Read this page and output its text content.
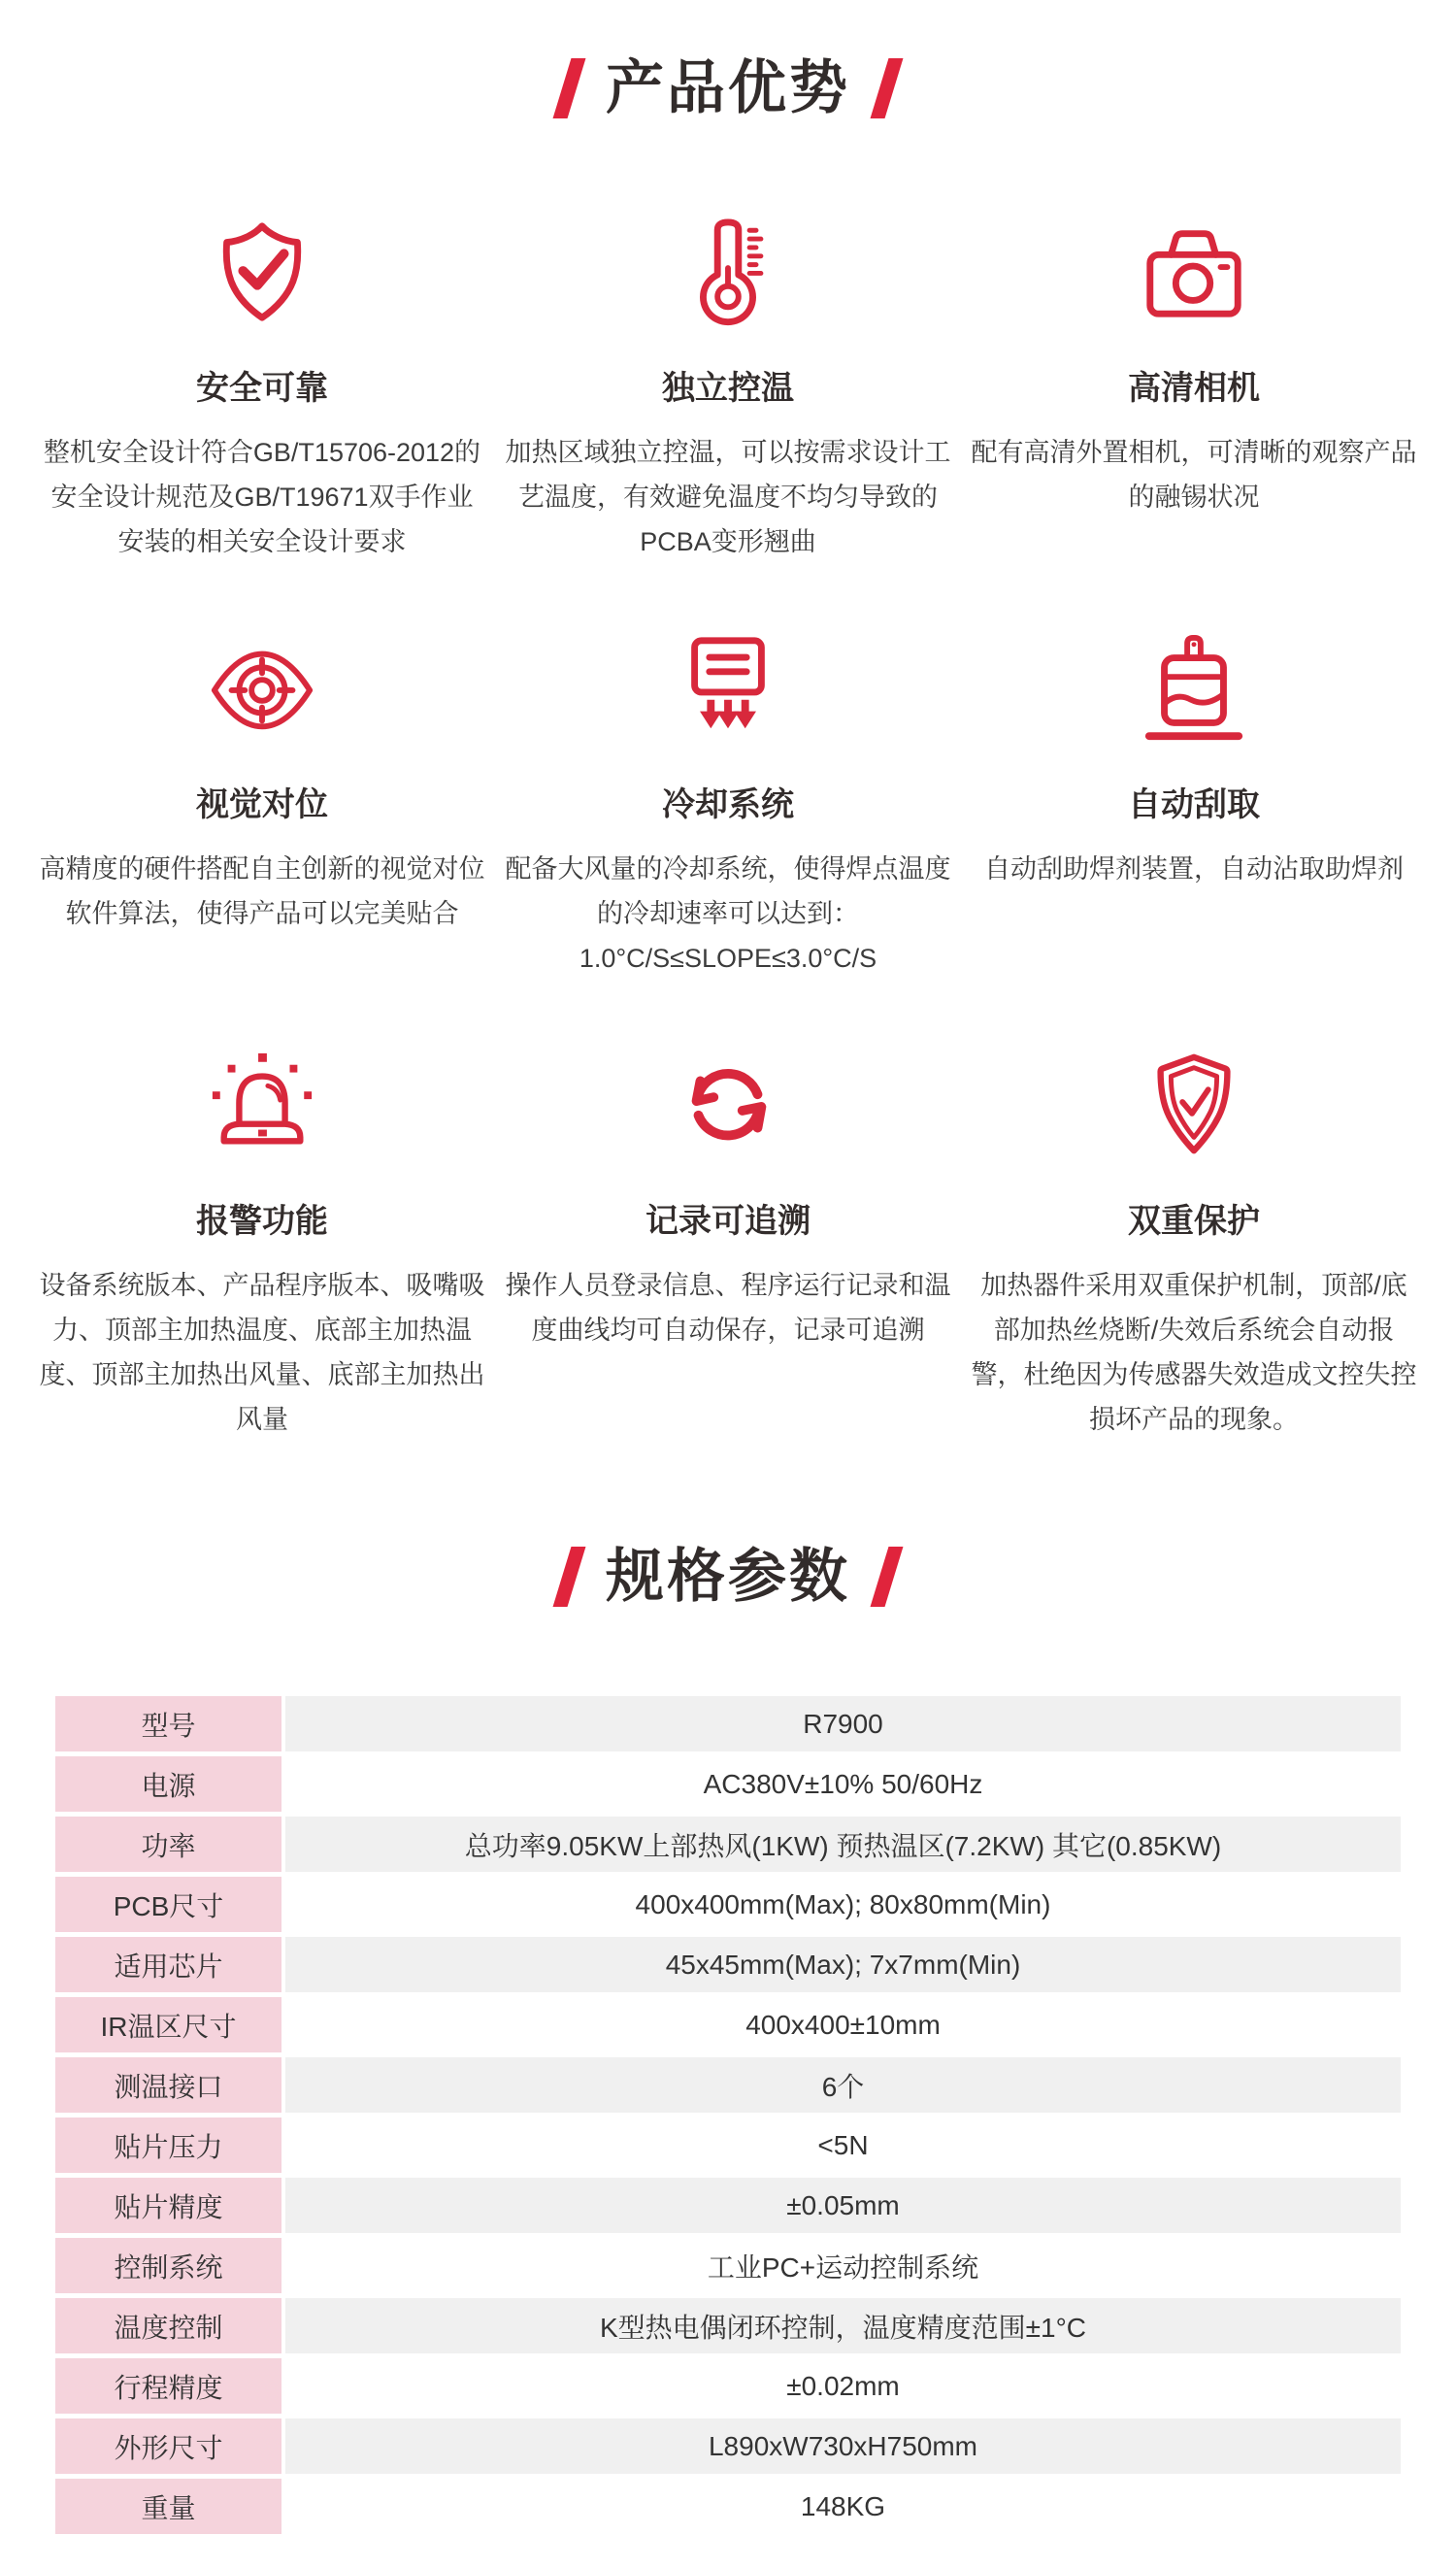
产品优势
安全可靠
整机安全设计符合GB/T15706-2012的安全设计规范及GB/T19671双手作业安装的相关安全设计要求
独立控温
加热区域独立控温，可以按需求设计工艺温度，有效避免温度不均匀导致的PCBA变形翘曲
高清相机
配有高清外置相机，可清晰的观察产品的融锡状况
视觉对位
高精度的硬件搭配自主创新的视觉对位软件算法，使得产品可以完美贴合
冷却系统
配备大风量的冷却系统，使得焊点温度的冷却速率可以达到：1.0°C/S≤SLOPE≤3.0°C/S
自动刮取
自动刮助焊剂装置，自动沾取助焊剂
报警功能
设备系统版本、产品程序版本、吸嘴吸力、顶部主加热温度、底部主加热温度、顶部主加热出风量、底部主加热出风量
记录可追溯
操作人员登录信息、程序运行记录和温度曲线均可自动保存，记录可追溯
双重保护
加热器件采用双重保护机制，顶部/底部加热丝烧断/失效后系统会自动报警，杜绝因为传感器失效造成文控失控损坏产品的现象。
规格参数
型号	R7900
电源	AC380V±10% 50/60Hz
功率	总功率9.05KW上部热风(1KW) 预热温区(7.2KW) 其它(0.85KW)
PCB尺寸	400x400mm(Max); 80x80mm(Min)
适用芯片	45x45mm(Max); 7x7mm(Min)
IR温区尺寸	400x400±10mm
测温接口	6个
贴片压力	<5N
贴片精度	±0.05mm
控制系统	工业PC+运动控制系统
温度控制	K型热电偶闭环控制，温度精度范围±1°C
行程精度	±0.02mm
外形尺寸	L890xW730xH750mm
重量	148KG
